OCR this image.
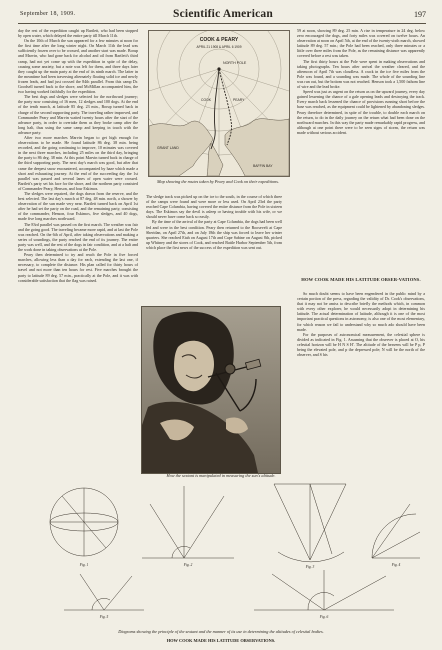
September 18, 1909.	Scientific American	197

day the rest of the expedition caught up Bartlett, who had been stopped by open water, which delayed the entire party till March 11th.

On the 10th of March the sun appeared for a few minutes at noon for the first time after the long winter night. On March 11th the lead was sufficiently frozen over to be crossed, and another start was made. Borup and Marvin, who had gone back for alcohol and oil from Bartlett's third camp, had not yet come up with the expedition in spite of the delay, causing some anxiety, but a note was left for them, and three days later they caught up the main party at the end of its ninth march. The latter in the meantime had been traversing alternately floating solid ice and newly frozen leads, and had just crossed the 84th parallel. From this camp Dr. Goodsell turned back to the shore, and McMillan accompanied him, the two having worked faithfully for the expedition.

The best dogs and sledges were selected for the northward journey; the party now consisting of 16 men, 12 sledges and 100 dogs. At the end of the tenth march, at latitude 85 deg. 23 min., Borup turned back in charge of the second supporting party. The traveling rather improved, and Commander Peary and Marvin waited twenty hours after the start of the advance party, in order to overtake them as they broke camp after the long halt, thus using the same camp and keeping in touch with the advance party.

After two more marches Marvin began to get high enough for observations to be made. He found latitude 86 deg. 38 min. being recorded, and the going continuing to improve, 10 minutes was covered in the next three marches, including 25 miles on the third day, bringing the party to 86 deg. 38 min. At this point Marvin turned back in charge of the third supporting party. The next day's march was good, but after that came the deepest snow encountered, accompanied by haze which made a short and exhausting journey. At the end of the succeeding day the 1st parallel was passed and several lanes of open water were crossed. Bartlett's party set his face for the shore, and the northern party consisted of Commander Peary, Henson, and four Eskimos.

The sledges were repaired, the dogs drawn from the reserve, and the best selected. The last day's march at 87 deg. 48 min. north, a shower by observation of the sun made very near. Bartlett turned back on April 1st after he had set the party on the road, and the remaining party, consisting of the commander, Henson, four Eskimos, five sledges, and 40 dogs, made five long marches northward.

The 83rd parallel was passed on the first march. The weather was fair and the going good. The traveling became more rapid, and at last the Pole was reached. On the 6th of April, after taking observations and making a series of soundings, the party reached the end of its journey. The entire party was well, and the rest of the dogs in fair condition, and at a halt and the work done in taking observations at the Pole.

Peary then determined to try and reach the Pole in five forced marches, allowing less than a day for each, extending the last one, if necessary, to complete the distance. His plan called for thirty hours of travel and not more than ten hours for rest. Five marches brought the party to latitude 89 deg. 57 min., practically at the Pole, and it was with considerable satisfaction that the flag was raised.

COOK & PEARY
APRIL 21 1908 & APRIL 6 1909
NORTH POLE
COOK	PEARY
GRANT LAND
BAFFIN BAY
Map showing the routes taken by Peary and Cook on their expeditions.

The sledge track was picked up on the ice to the south, in the course of which three of the camps were found and were more or less used. On April 23rd the party reached Cape Columbia, having covered the entire distance from the Pole in sixteen days. The Eskimos say the devil is asleep or having trouble with his wife, or we should never have come back so easily.

By the time of the arrival of the party at Cape Columbia, the dogs had been well fed and were in the best condition. Peary then returned to the Roosevelt at Cape Sheridan, on April 27th, and on July 18th the ship was forced to leave her winter quarters. She reached Etah on August 17th and Cape Sabine on August 8th, picked up Whitney and the stores of Cook, and reached Battle Harbor September 5th, from which place the first news of the success of the expedition was sent out.

59 at noon, showing 89 deg. 25 min. A rise in temperature in 24 deg. below zero encouraged the dogs, and forty miles was covered on twelve hours. An observation at noon on April 5th, at the end of the twenty-sixth march, showed latitude 89 deg. 57 min.; the Pole had been reached, only three minutes or a little over three miles from the Pole, as the remaining distance was apparently covered before a rest was taken.

The first thirty hours at the Pole were spent in making observations and taking photographs. Ten hours after arrival the weather cleared, and the afternoon of April 7th was cloudless. A crack in the ice five miles from the Pole was found, and a sounding was made. The whole of the sounding line was run out, but the bottom was not reached. Henson took a 1,500 fathom line of wire and the lead broke.

Speed was just as urgent on the return as on the upward journey, every day gained lessening the chance of a gale opening leads and destroying the track. Every march back lessened the chance of provisions running short before the base was reached, as the equipment could be lightened by abandoning sledges. Peary therefore determined, in spite of the trouble, to double each march on the return, to do in the daily journey on the return what had been done on the northward marches. In this way the party made remarkably rapid progress, and although at one point there were to be seen signs of storm, the return was made without serious accident.

HOW COOK MADE HIS LATITUDE OBSER-VATIONS.

So much doubt seems to have been engendered in the public mind by a certain portion of the press, regarding the validity of Dr. Cook's observations, that it may not be amiss to describe briefly the methods which, in common with every other explorer, he would necessarily adopt in determining his latitude. The actual determination of latitude, although it is one of the most important practical questions in astronomy, is also one of the most elementary, for which reason we fail to understand why so much ado should have been made.

For the purposes of astronomical measurement, the celestial sphere is divided as indicated in Fig. 1. Assuming that the observer is placed at O, his celestial horizon will be H N S H'. The altitude of the heavens will be P p, P being the elevated pole, and p the depressed pole; N will be the north of the observer, and S his

How the sextant is manipulated in measuring the sun's altitude.
Fig. 1	Fig. 2	Fig. 3	Fig. 4
Fig. 5	Fig. 6
Diagrams showing the principle of the sextant and the manner of its use in determining the altitudes of celestial bodies.
HOW COOK MADE HIS LATITUDE OBSERVATIONS.
